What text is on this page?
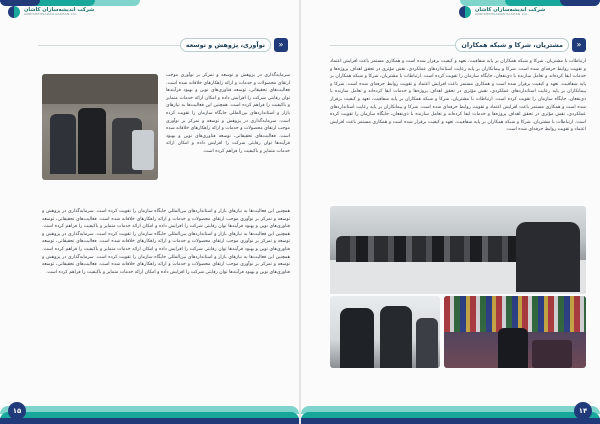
شرکت اندیشه‌سازان کاشان
ANDISHEHSAZAN KASHAN CO.
شرکت اندیشه‌سازان کاشان
ANDISHEHSAZAN KASHAN CO.
نوآوری، پژوهش و توسعه	»	مشتریان، شرکا و شبکه همکاران	»
سرمایه‌گذاری در پژوهش و توسعه و تمرکز بر نوآوری موجب ارتقای محصولات و خدمات و ارائه راهکارهای خلاقانه شده است. فعالیت‌های تحقیقاتی، توسعه فناوری‌های نوین و بهبود فرآیندها توان رقابتی شرکت را افزایش داده و امکان ارائه خدمات متمایز و باکیفیت را فراهم کرده است. همچنین این فعالیت‌ها به نیازهای بازار و استانداردهای بین‌المللی جایگاه سازمان را تقویت کرده است. سرمایه‌گذاری در پژوهش و توسعه و تمرکز بر نوآوری موجب ارتقای محصولات و خدمات و ارائه راهکارهای خلاقانه شده است. فعالیت‌های تحقیقاتی، توسعه فناوری‌های نوین و بهبود فرآیندها توان رقابتی شرکت را افزایش داده و امکان ارائه خدمات متمایز و باکیفیت را فراهم کرده است.
همچنین این فعالیت‌ها به نیازهای بازار و استانداردهای بین‌المللی جایگاه سازمان را تقویت کرده است. سرمایه‌گذاری در پژوهش و توسعه و تمرکز بر نوآوری موجب ارتقای محصولات و خدمات و ارائه راهکارهای خلاقانه شده است. فعالیت‌های تحقیقاتی، توسعه فناوری‌های نوین و بهبود فرآیندها توان رقابتی شرکت را افزایش داده و امکان ارائه خدمات متمایز و باکیفیت را فراهم کرده است. همچنین این فعالیت‌ها به نیازهای بازار و استانداردهای بین‌المللی جایگاه سازمان را تقویت کرده است. سرمایه‌گذاری در پژوهش و توسعه و تمرکز بر نوآوری موجب ارتقای محصولات و خدمات و ارائه راهکارهای خلاقانه شده است. فعالیت‌های تحقیقاتی، توسعه فناوری‌های نوین و بهبود فرآیندها توان رقابتی شرکت را افزایش داده و امکان ارائه خدمات متمایز و باکیفیت را فراهم کرده است. همچنین این فعالیت‌ها به نیازهای بازار و استانداردهای بین‌المللی جایگاه سازمان را تقویت کرده است. سرمایه‌گذاری در پژوهش و توسعه و تمرکز بر نوآوری موجب ارتقای محصولات و خدمات و ارائه راهکارهای خلاقانه شده است. فعالیت‌های تحقیقاتی، توسعه فناوری‌های نوین و بهبود فرآیندها توان رقابتی شرکت را افزایش داده و امکان ارائه خدمات متمایز و باکیفیت را فراهم کرده است.
ارتباطات با مشتریان، شرکا و شبکه همکاران بر پایه شفافیت، تعهد و کیفیت برقرار شده است و همکاری مستمر باعث افزایش اعتماد و تقویت روابط حرفه‌ای شده است. شرکا و پیمانکاران بر پایه رعایت استانداردهای عملکردی، نقش مؤثری در تحقق اهداف پروژه‌ها و خدمات ایفا کرده‌اند و تعامل سازنده با ذی‌نفعان، جایگاه سازمان را تقویت کرده است. ارتباطات با مشتریان، شرکا و شبکه همکاران بر پایه شفافیت، تعهد و کیفیت برقرار شده است و همکاری مستمر باعث افزایش اعتماد و تقویت روابط حرفه‌ای شده است. شرکا و پیمانکاران بر پایه رعایت استانداردهای عملکردی، نقش مؤثری در تحقق اهداف پروژه‌ها و خدمات ایفا کرده‌اند و تعامل سازنده با ذی‌نفعان، جایگاه سازمان را تقویت کرده است. ارتباطات با مشتریان، شرکا و شبکه همکاران بر پایه شفافیت، تعهد و کیفیت برقرار شده است و همکاری مستمر باعث افزایش اعتماد و تقویت روابط حرفه‌ای شده است. شرکا و پیمانکاران بر پایه رعایت استانداردهای عملکردی، نقش مؤثری در تحقق اهداف پروژه‌ها و خدمات ایفا کرده‌اند و تعامل سازنده با ذی‌نفعان، جایگاه سازمان را تقویت کرده است. ارتباطات با مشتریان، شرکا و شبکه همکاران بر پایه شفافیت، تعهد و کیفیت برقرار شده است و همکاری مستمر باعث افزایش اعتماد و تقویت روابط حرفه‌ای شده است.
۱۵	۱۴
